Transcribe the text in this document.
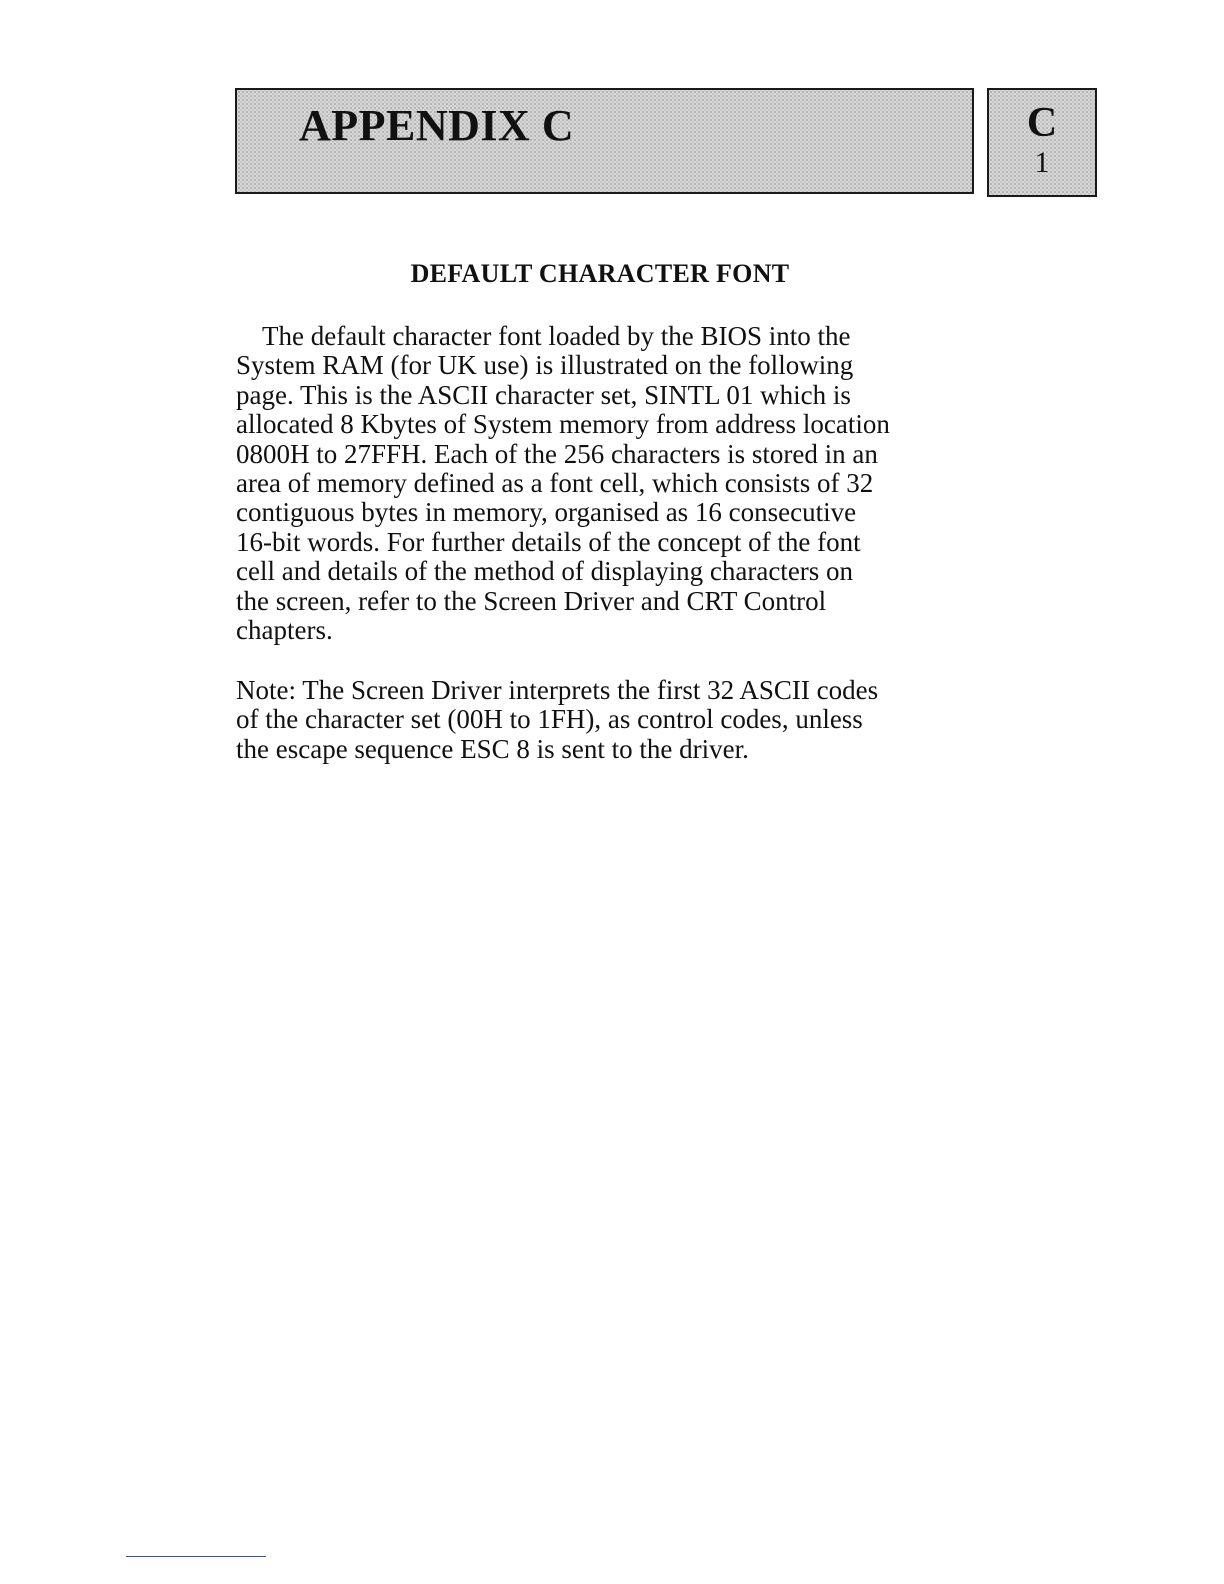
APPENDIX C	C
1
DEFAULT CHARACTER FONT
The default character font loaded by the BIOS into the
System RAM (for UK use) is illustrated on the following
page. This is the ASCII character set, SINTL 01 which is
allocated 8 Kbytes of System memory from address location
0800H to 27FFH. Each of the 256 characters is stored in an
area of memory defined as a font cell, which consists of 32
contiguous bytes in memory, organised as 16 consecutive
16-bit words. For further details of the concept of the font
cell and details of the method of displaying characters on
the screen, refer to the Screen Driver and CRT Control
chapters.
Note: The Screen Driver interprets the first 32 ASCII codes
of the character set (00H to 1FH), as control codes, unless
the escape sequence ESC 8 is sent to the driver.
